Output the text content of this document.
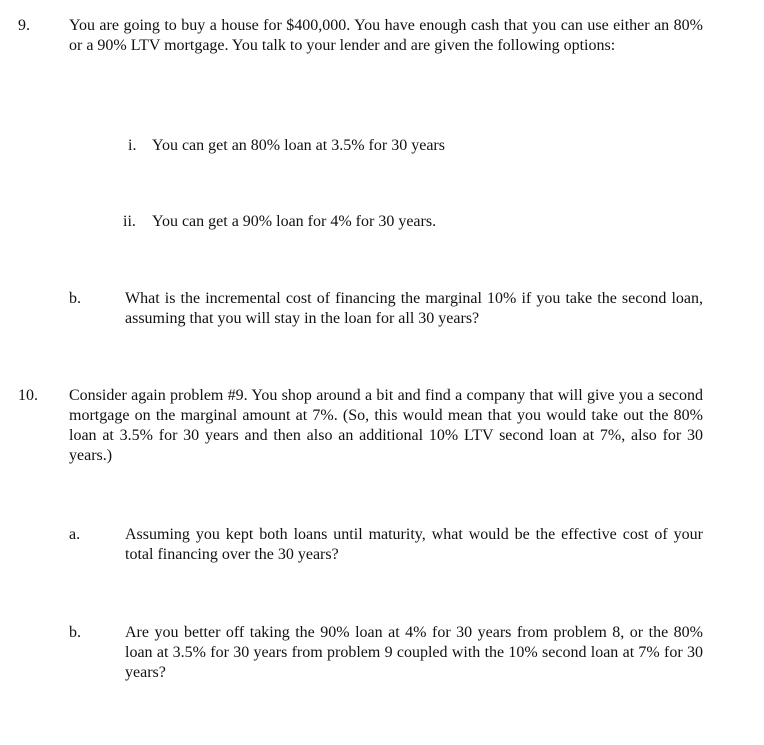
9. You are going to buy a house for $400,000. You have enough cash that you can use either an 80% or a 90% LTV mortgage. You talk to your lender and are given the following options:
i. You can get an 80% loan at 3.5% for 30 years
ii. You can get a 90% loan for 4% for 30 years.
b.	What is the incremental cost of financing the marginal 10% if you take the second loan, assuming that you will stay in the loan for all 30 years?
10. Consider again problem #9. You shop around a bit and find a company that will give you a second mortgage on the marginal amount at 7%. (So, this would mean that you would take out the 80% loan at 3.5% for 30 years and then also an additional 10% LTV second loan at 7%, also for 30 years.)
a.	Assuming you kept both loans until maturity, what would be the effective cost of your total financing over the 30 years?
b.	Are you better off taking the 90% loan at 4% for 30 years from problem 8, or the 80% loan at 3.5% for 30 years from problem 9 coupled with the 10% second loan at 7% for 30 years?
